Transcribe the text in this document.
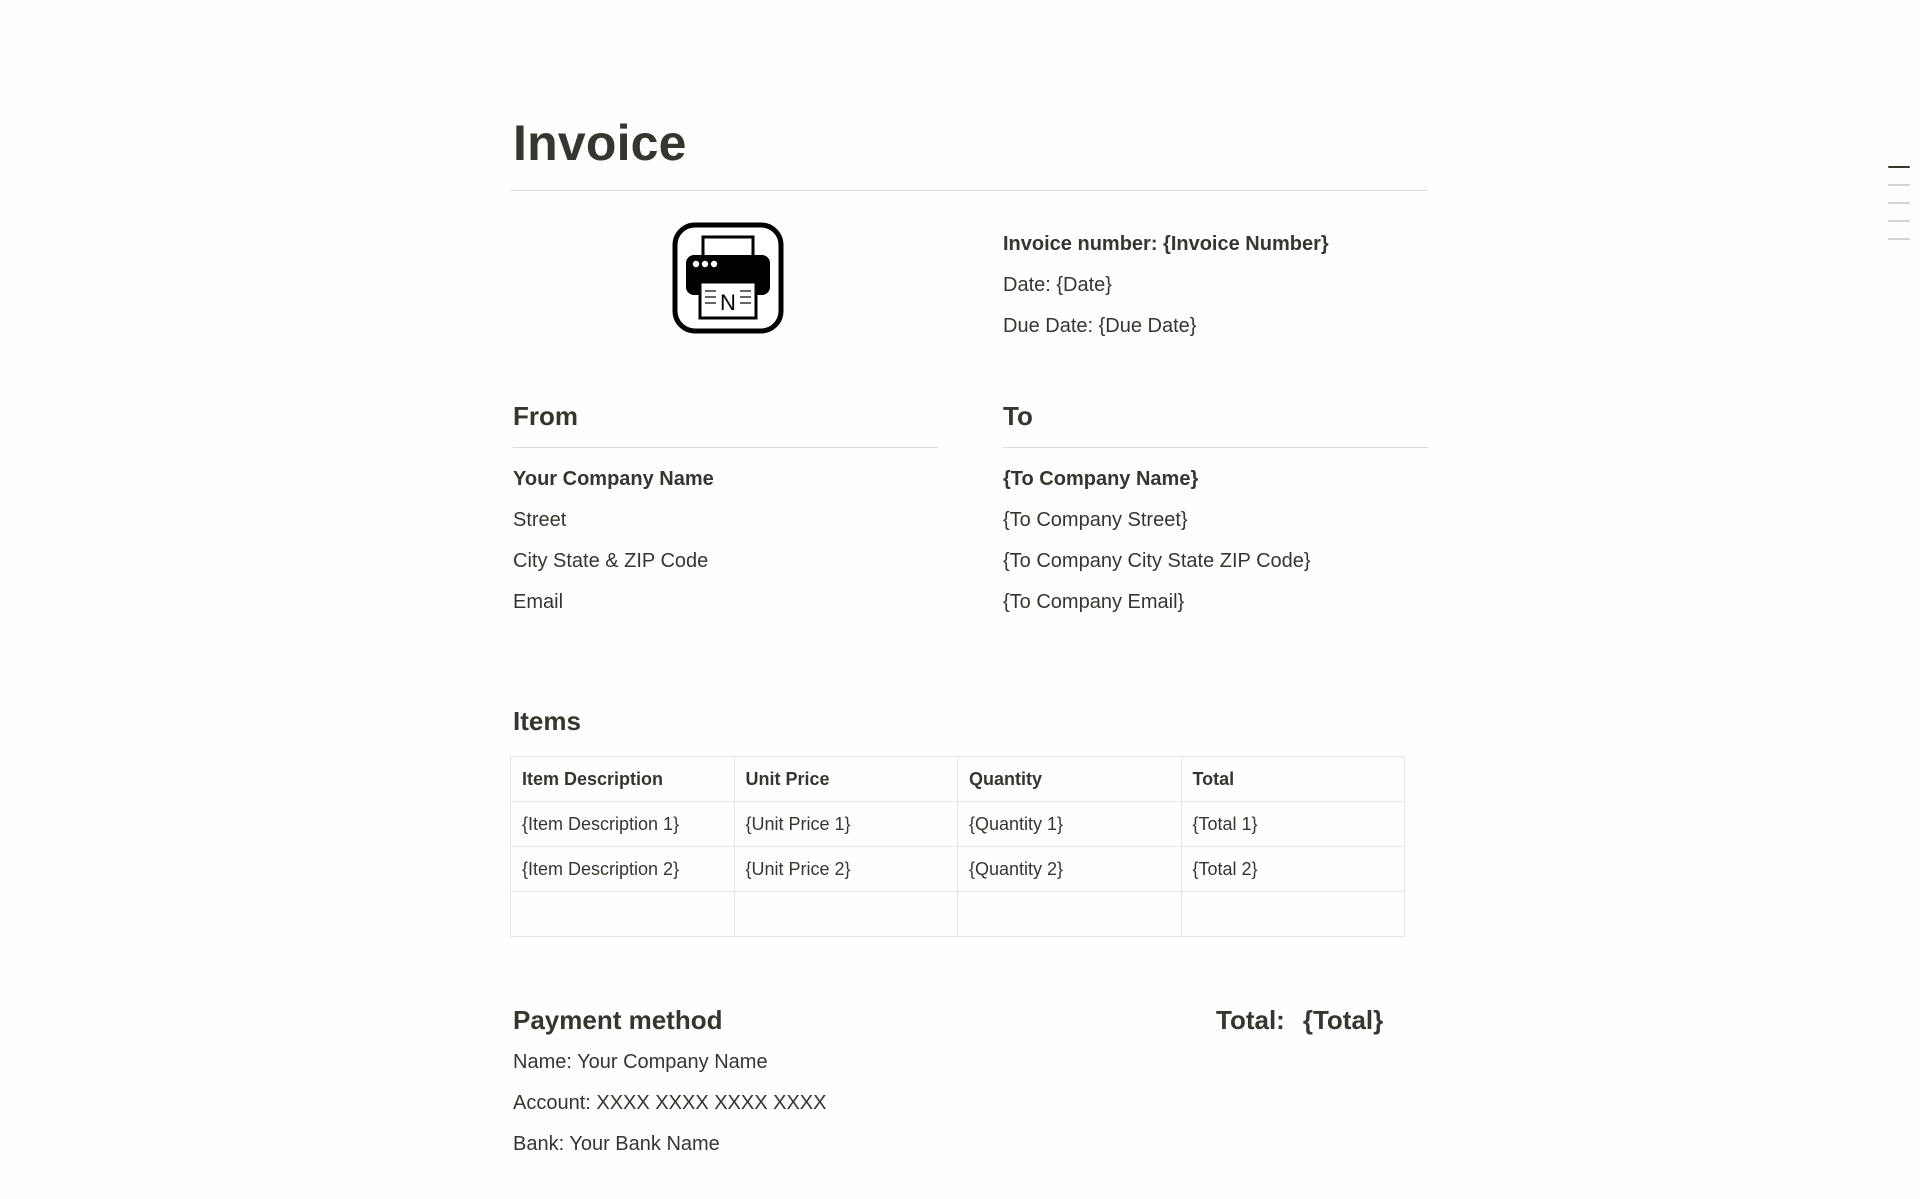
Invoice
N
Invoice number: {Invoice Number}
Date: {Date}
Due Date: {Due Date}
From
Your Company Name
Street
City State & ZIP Code
Email
To
{To Company Name}
{To Company Street}
{To Company City State ZIP Code}
{To Company Email}
Items
Item Description	Unit Price	Quantity	Total
{Item Description 1}	{Unit Price 1}	{Quantity 1}	{Total 1}
{Item Description 2}	{Unit Price 2}	{Quantity 2}	{Total 2}

Payment method
Name: Your Company Name
Account: XXXX XXXX XXXX XXXX
Bank: Your Bank Name
Total: {Total}
